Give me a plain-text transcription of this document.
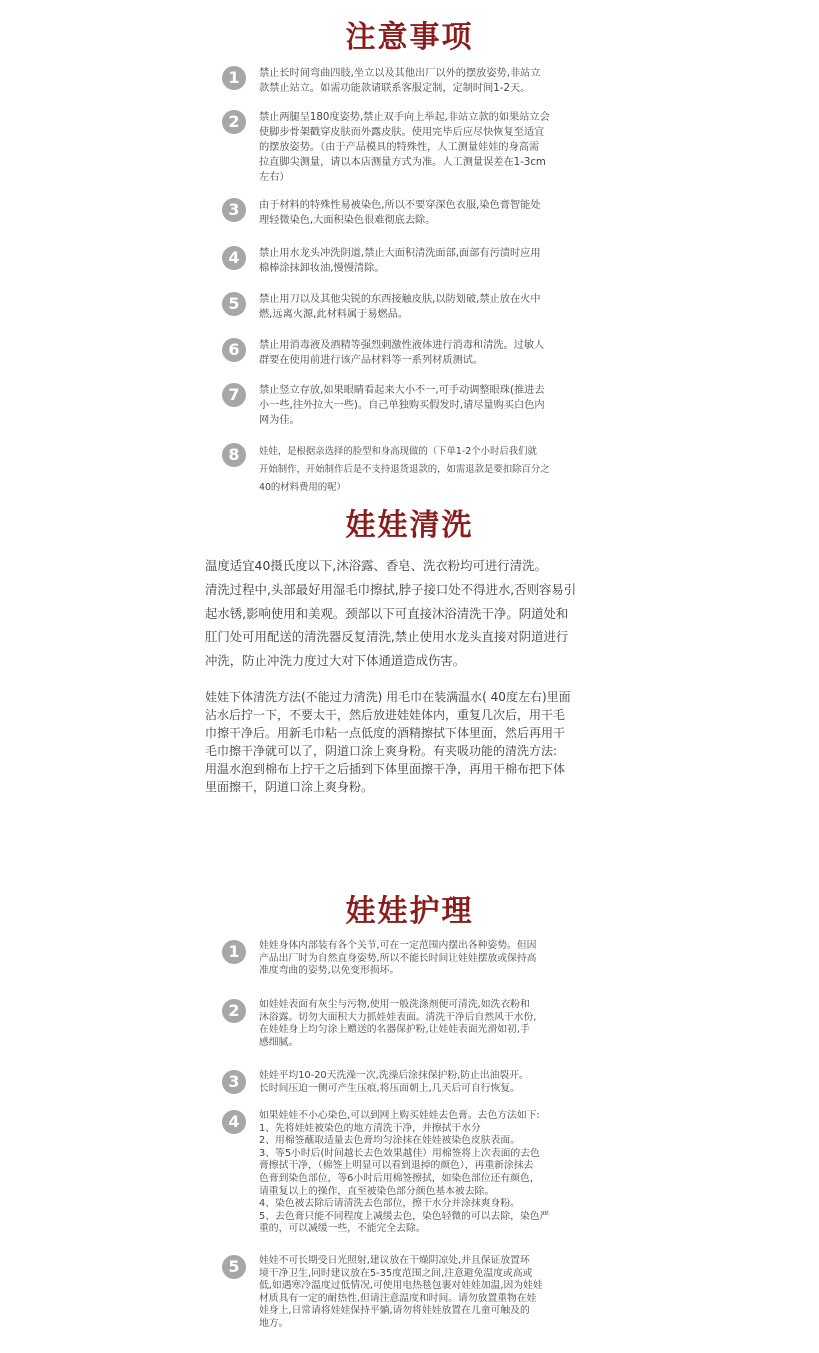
注意事项
1	禁止长时间弯曲四肢,坐立以及其他出厂以外的摆放姿势,非站立
款禁止站立。如需功能款请联系客服定制，定制时间1-2天。
2	禁止两腿呈180度姿势,禁止双手向上举起,非站立款的如果站立会
使脚步骨架戳穿皮肤而外露皮肤。使用完毕后应尽快恢复至适宜
的摆放姿势。（由于产品模具的特殊性，人工测量娃娃的身高需
拉直脚尖测量，请以本店测量方式为准。人工测量误差在1-3cm
左右）
3	由于材料的特殊性易被染色,所以不要穿深色衣服,染色膏智能处
理轻微染色,大面积染色很难彻底去除。
4	禁止用水龙头冲洗阴道,禁止大面积清洗面部,面部有污渍时应用
棉棒涂抹卸妆油,慢慢清除。
5	禁止用刀以及其他尖锐的东西接触皮肤,以防划破,禁止放在火中
燃,远离火源,此材料属于易燃品。
6	禁止用消毒液及酒精等强烈刺激性液体进行消毒和清洗。过敏人
群要在使用前进行该产品材料等一系列材质测试。
7	禁止竖立存放,如果眼睛看起来大小不一,可手动调整眼珠(推进去
小一些,往外拉大一些)。自己单独购买假发时,请尽量购买白色内
网为佳。
8	娃娃，是根据亲选择的脸型和身高现做的（下单1-2个小时后我们就
开始制作，开始制作后是不支持退货退款的，如需退款是要扣除百分之
40的材料费用的呢）
娃娃清洗
温度适宜40摄氏度以下,沐浴露、香皂、洗衣粉均可进行清洗。
清洗过程中,头部最好用湿毛巾擦拭,脖子接口处不得进水,否则容易引
起水锈,影响使用和美观。颈部以下可直接沐浴清洗干净。阴道处和
肛门处可用配送的清洗器反复清洗,禁止使用水龙头直接对阴道进行
冲洗，防止冲洗力度过大对下体通道造成伤害。
娃娃下体清洗方法(不能过力清洗) 用毛巾在装满温水( 40度左右)里面
沾水后拧一下，不要太干，然后放进娃娃体内，重复几次后，用干毛
巾擦干净后。用新毛巾粘一点低度的酒精擦拭下体里面，然后再用干
毛巾擦干净就可以了，阴道口涂上爽身粉。有夹吸功能的清洗方法:
用温水泡到棉布上拧干之后插到下体里面擦干净，再用干棉布把下体
里面擦干，阴道口涂上爽身粉。
娃娃护理
1	娃娃身体内部装有各个关节,可在一定范围内摆出各种姿势。但因
产品出厂时为自然直身姿势,所以不能长时间让娃娃摆放或保持高
准度弯曲的姿势,以免变形损坏。
2	如娃娃表面有灰尘与污物,使用一般洗涤剂便可清洗,如洗衣粉和
沐浴露。切勿大面积大力抓娃娃表面。清洗干净后自然风干水份,
在娃娃身上均匀涂上赠送的名器保护粉,让娃娃表面光滑如初,手
感细腻。
3	娃娃平均10-20天洗澡一次,洗澡后涂抹保护粉,防止出油裂开。
长时间压迫一侧可产生压痕,将压面朝上,几天后可自行恢复。
4	如果娃娃不小心染色,可以到网上购买娃娃去色膏。去色方法如下:
1、先将娃娃被染色的地方清洗干净，并擦拭干水分
2、用棉签蘸取适量去色膏均匀涂抹在娃娃被染色皮肤表面。
3、等5小时后(时间越长去色效果越佳）用棉签将上次表面的去色
膏擦拭干净，（棉签上明显可以看到退掉的颜色），再重新涂抹去
色膏到染色部位，等6小时后用棉签擦拭，如染色部位还有颜色，
请重复以上的操作，直至被染色部分颜色基本被去除。
4、染色被去除后请清洗去色部位，擦干水分并涂抹爽身粉。
5、去色膏只能不同程度上减缓去色，染色轻微的可以去除，染色严
重的，可以减缓一些，不能完全去除。
5	娃娃不可长期受日光照射,建议放在干燥阴凉处,并且保证放置环
境干净卫生,同时建议放在5-35度范围之间,注意避免温度或高或
低,如遇寒冷温度过低情况,可使用电热毯包裹对娃娃加温,因为娃娃
材质具有一定的耐热性,但请注意温度和时间。请勿放置重物在娃
娃身上,日常请将娃娃保持平躺,请勿将娃娃放置在儿童可触及的
地方。
